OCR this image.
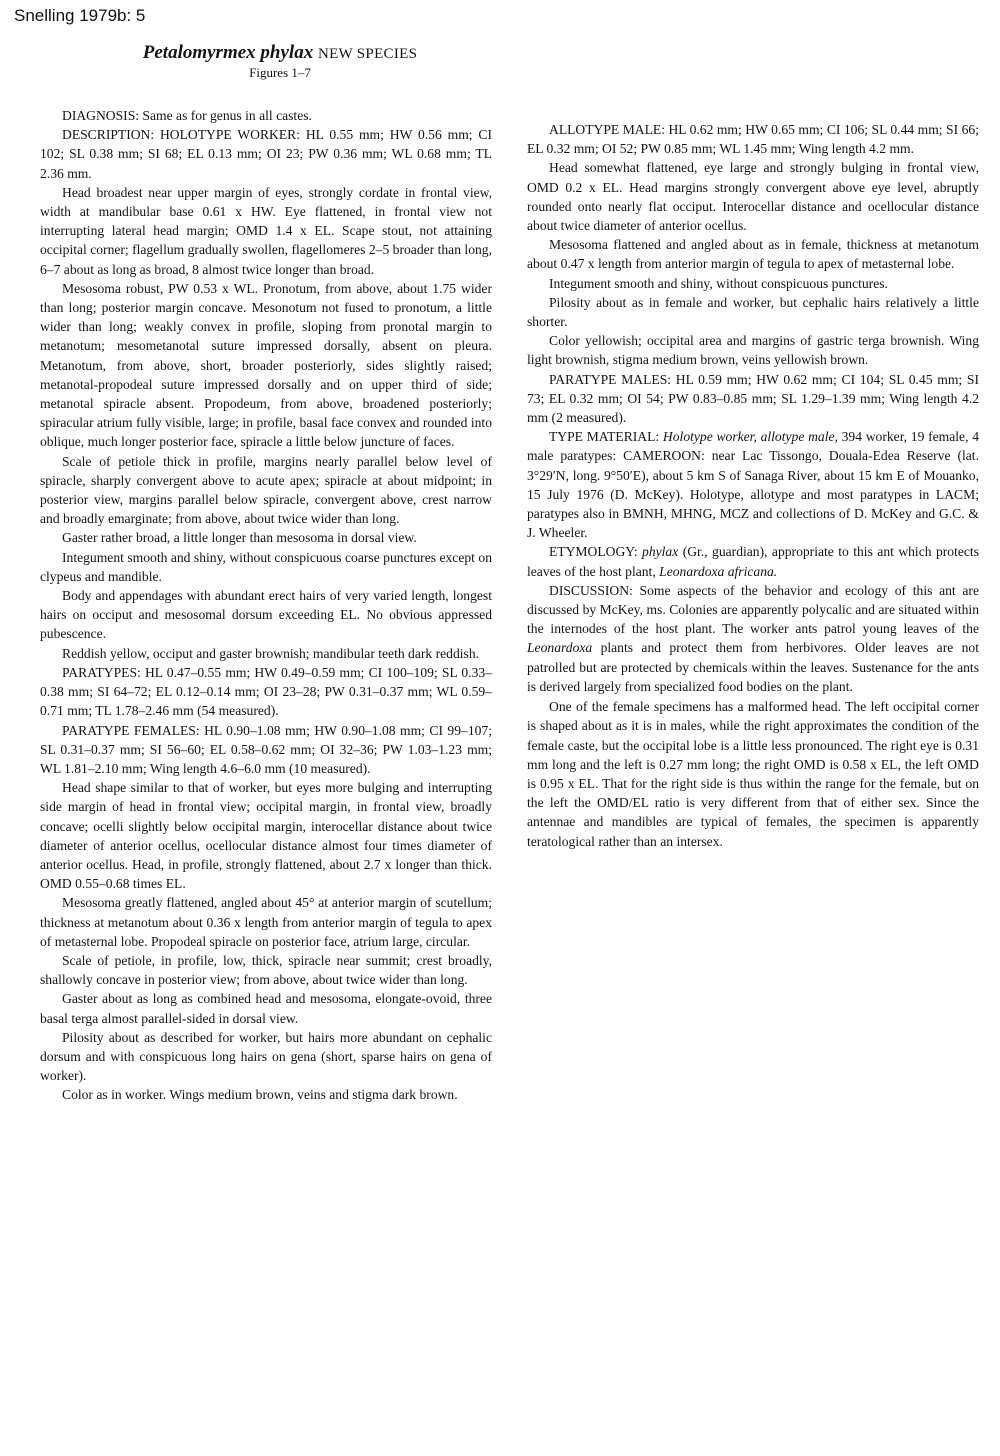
Snelling 1979b: 5
Petalomyrmex phylax NEW SPECIES
Figures 1–7

DIAGNOSIS: Same as for genus in all castes.

DESCRIPTION: HOLOTYPE WORKER: HL 0.55 mm; HW 0.56 mm; CI 102; SL 0.38 mm; SI 68; EL 0.13 mm; OI 23; PW 0.36 mm; WL 0.68 mm; TL 2.36 mm.

Head broadest near upper margin of eyes, strongly cordate in frontal view, width at mandibular base 0.61 x HW. Eye flattened, in frontal view not interrupting lateral head margin; OMD 1.4 x EL. Scape stout, not attaining occipital corner; flagellum gradually swollen, flagellomeres 2–5 broader than long, 6–7 about as long as broad, 8 almost twice longer than broad.

Mesosoma robust, PW 0.53 x WL. Pronotum, from above, about 1.75 wider than long; posterior margin concave. Mesonotum not fused to pronotum, a little wider than long; weakly convex in profile, sloping from pronotal margin to metanotum; mesometanotal suture impressed dorsally, absent on pleura. Metanotum, from above, short, broader posteriorly, sides slightly raised; metanotal-propodeal suture impressed dorsally and on upper third of side; metanotal spiracle absent. Propodeum, from above, broadened posteriorly; spiracular atrium fully visible, large; in profile, basal face convex and rounded into oblique, much longer posterior face, spiracle a little below juncture of faces.

Scale of petiole thick in profile, margins nearly parallel below level of spiracle, sharply convergent above to acute apex; spiracle at about midpoint; in posterior view, margins parallel below spiracle, convergent above, crest narrow and broadly emarginate; from above, about twice wider than long.

Gaster rather broad, a little longer than mesosoma in dorsal view.

Integument smooth and shiny, without conspicuous coarse punctures except on clypeus and mandible.

Body and appendages with abundant erect hairs of very varied length, longest hairs on occiput and mesosomal dorsum exceeding EL. No obvious appressed pubescence.

Reddish yellow, occiput and gaster brownish; mandibular teeth dark reddish.

PARATYPES: HL 0.47–0.55 mm; HW 0.49–0.59 mm; CI 100–109; SL 0.33–0.38 mm; SI 64–72; EL 0.12–0.14 mm; OI 23–28; PW 0.31–0.37 mm; WL 0.59–0.71 mm; TL 1.78–2.46 mm (54 measured).

PARATYPE FEMALES: HL 0.90–1.08 mm; HW 0.90–1.08 mm; CI 99–107; SL 0.31–0.37 mm; SI 56–60; EL 0.58–0.62 mm; OI 32–36; PW 1.03–1.23 mm; WL 1.81–2.10 mm; Wing length 4.6–6.0 mm (10 measured).

Head shape similar to that of worker, but eyes more bulging and interrupting side margin of head in frontal view; occipital margin, in frontal view, broadly concave; ocelli slightly below occipital margin, interocellar distance about twice diameter of anterior ocellus, ocellocular distance almost four times diameter of anterior ocellus. Head, in profile, strongly flattened, about 2.7 x longer than thick. OMD 0.55–0.68 times EL.

Mesosoma greatly flattened, angled about 45° at anterior margin of scutellum; thickness at metanotum about 0.36 x length from anterior margin of tegula to apex of metasternal lobe. Propodeal spiracle on posterior face, atrium large, circular.

Scale of petiole, in profile, low, thick, spiracle near summit; crest broadly, shallowly concave in posterior view; from above, about twice wider than long.

Gaster about as long as combined head and mesosoma, elongate-ovoid, three basal terga almost parallel-sided in dorsal view.

Pilosity about as described for worker, but hairs more abundant on cephalic dorsum and with conspicuous long hairs on gena (short, sparse hairs on gena of worker).

Color as in worker. Wings medium brown, veins and stigma dark brown.

ALLOTYPE MALE: HL 0.62 mm; HW 0.65 mm; CI 106; SL 0.44 mm; SI 66; EL 0.32 mm; OI 52; PW 0.85 mm; WL 1.45 mm; Wing length 4.2 mm.

Head somewhat flattened, eye large and strongly bulging in frontal view, OMD 0.2 x EL. Head margins strongly convergent above eye level, abruptly rounded onto nearly flat occiput. Interocellar distance and ocellocular distance about twice diameter of anterior ocellus.

Mesosoma flattened and angled about as in female, thickness at metanotum about 0.47 x length from anterior margin of tegula to apex of metasternal lobe.

Integument smooth and shiny, without conspicuous punctures.

Pilosity about as in female and worker, but cephalic hairs relatively a little shorter.

Color yellowish; occipital area and margins of gastric terga brownish. Wing light brownish, stigma medium brown, veins yellowish brown.

PARATYPE MALES: HL 0.59 mm; HW 0.62 mm; CI 104; SL 0.45 mm; SI 73; EL 0.32 mm; OI 54; PW 0.83–0.85 mm; SL 1.29–1.39 mm; Wing length 4.2 mm (2 measured).

TYPE MATERIAL: Holotype worker, allotype male, 394 worker, 19 female, 4 male paratypes: CAMEROON: near Lac Tissongo, Douala-Edea Reserve (lat. 3°29′N, long. 9°50′E), about 5 km S of Sanaga River, about 15 km E of Mouanko, 15 July 1976 (D. McKey). Holotype, allotype and most paratypes in LACM; paratypes also in BMNH, MHNG, MCZ and collections of D. McKey and G.C. & J. Wheeler.

ETYMOLOGY: phylax (Gr., guardian), appropriate to this ant which protects leaves of the host plant, Leonardoxa africana.

DISCUSSION: Some aspects of the behavior and ecology of this ant are discussed by McKey, ms. Colonies are apparently polycalic and are situated within the internodes of the host plant. The worker ants patrol young leaves of the Leonardoxa plants and protect them from herbivores. Older leaves are not patrolled but are protected by chemicals within the leaves. Sustenance for the ants is derived largely from specialized food bodies on the plant.

One of the female specimens has a malformed head. The left occipital corner is shaped about as it is in males, while the right approximates the condition of the female caste, but the occipital lobe is a little less pronounced. The right eye is 0.31 mm long and the left is 0.27 mm long; the right OMD is 0.58 x EL, the left OMD is 0.95 x EL. That for the right side is thus within the range for the female, but on the left the OMD/EL ratio is very different from that of either sex. Since the antennae and mandibles are typical of females, the specimen is apparently teratological rather than an intersex.
